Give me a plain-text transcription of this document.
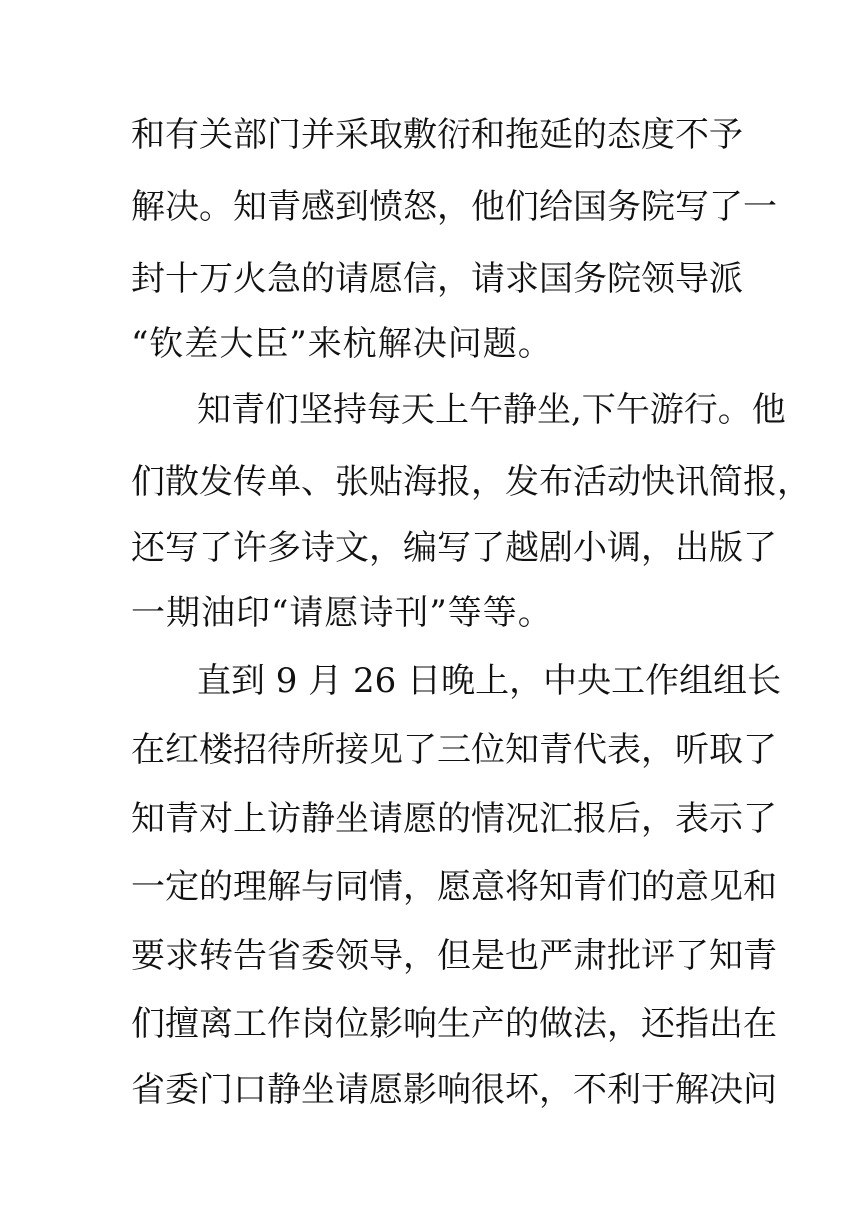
和有关部门并采取敷衍和拖延的态度不予
解决。知青感到愤怒，他们给国务院写了一
封十万火急的请愿信，请求国务院领导派
“钦差大臣”来杭解决问题。
知青们坚持每天上午静坐,下午游行。他
们散发传单、张贴海报，发布活动快讯简报，
还写了许多诗文，编写了越剧小调，出版了
一期油印“请愿诗刊”等等。
直到 9 月 26 日晚上，中央工作组组长
在红楼招待所接见了三位知青代表，听取了
知青对上访静坐请愿的情况汇报后，表示了
一定的理解与同情，愿意将知青们的意见和
要求转告省委领导，但是也严肃批评了知青
们擅离工作岗位影响生产的做法，还指出在
省委门口静坐请愿影响很坏，不利于解决问
